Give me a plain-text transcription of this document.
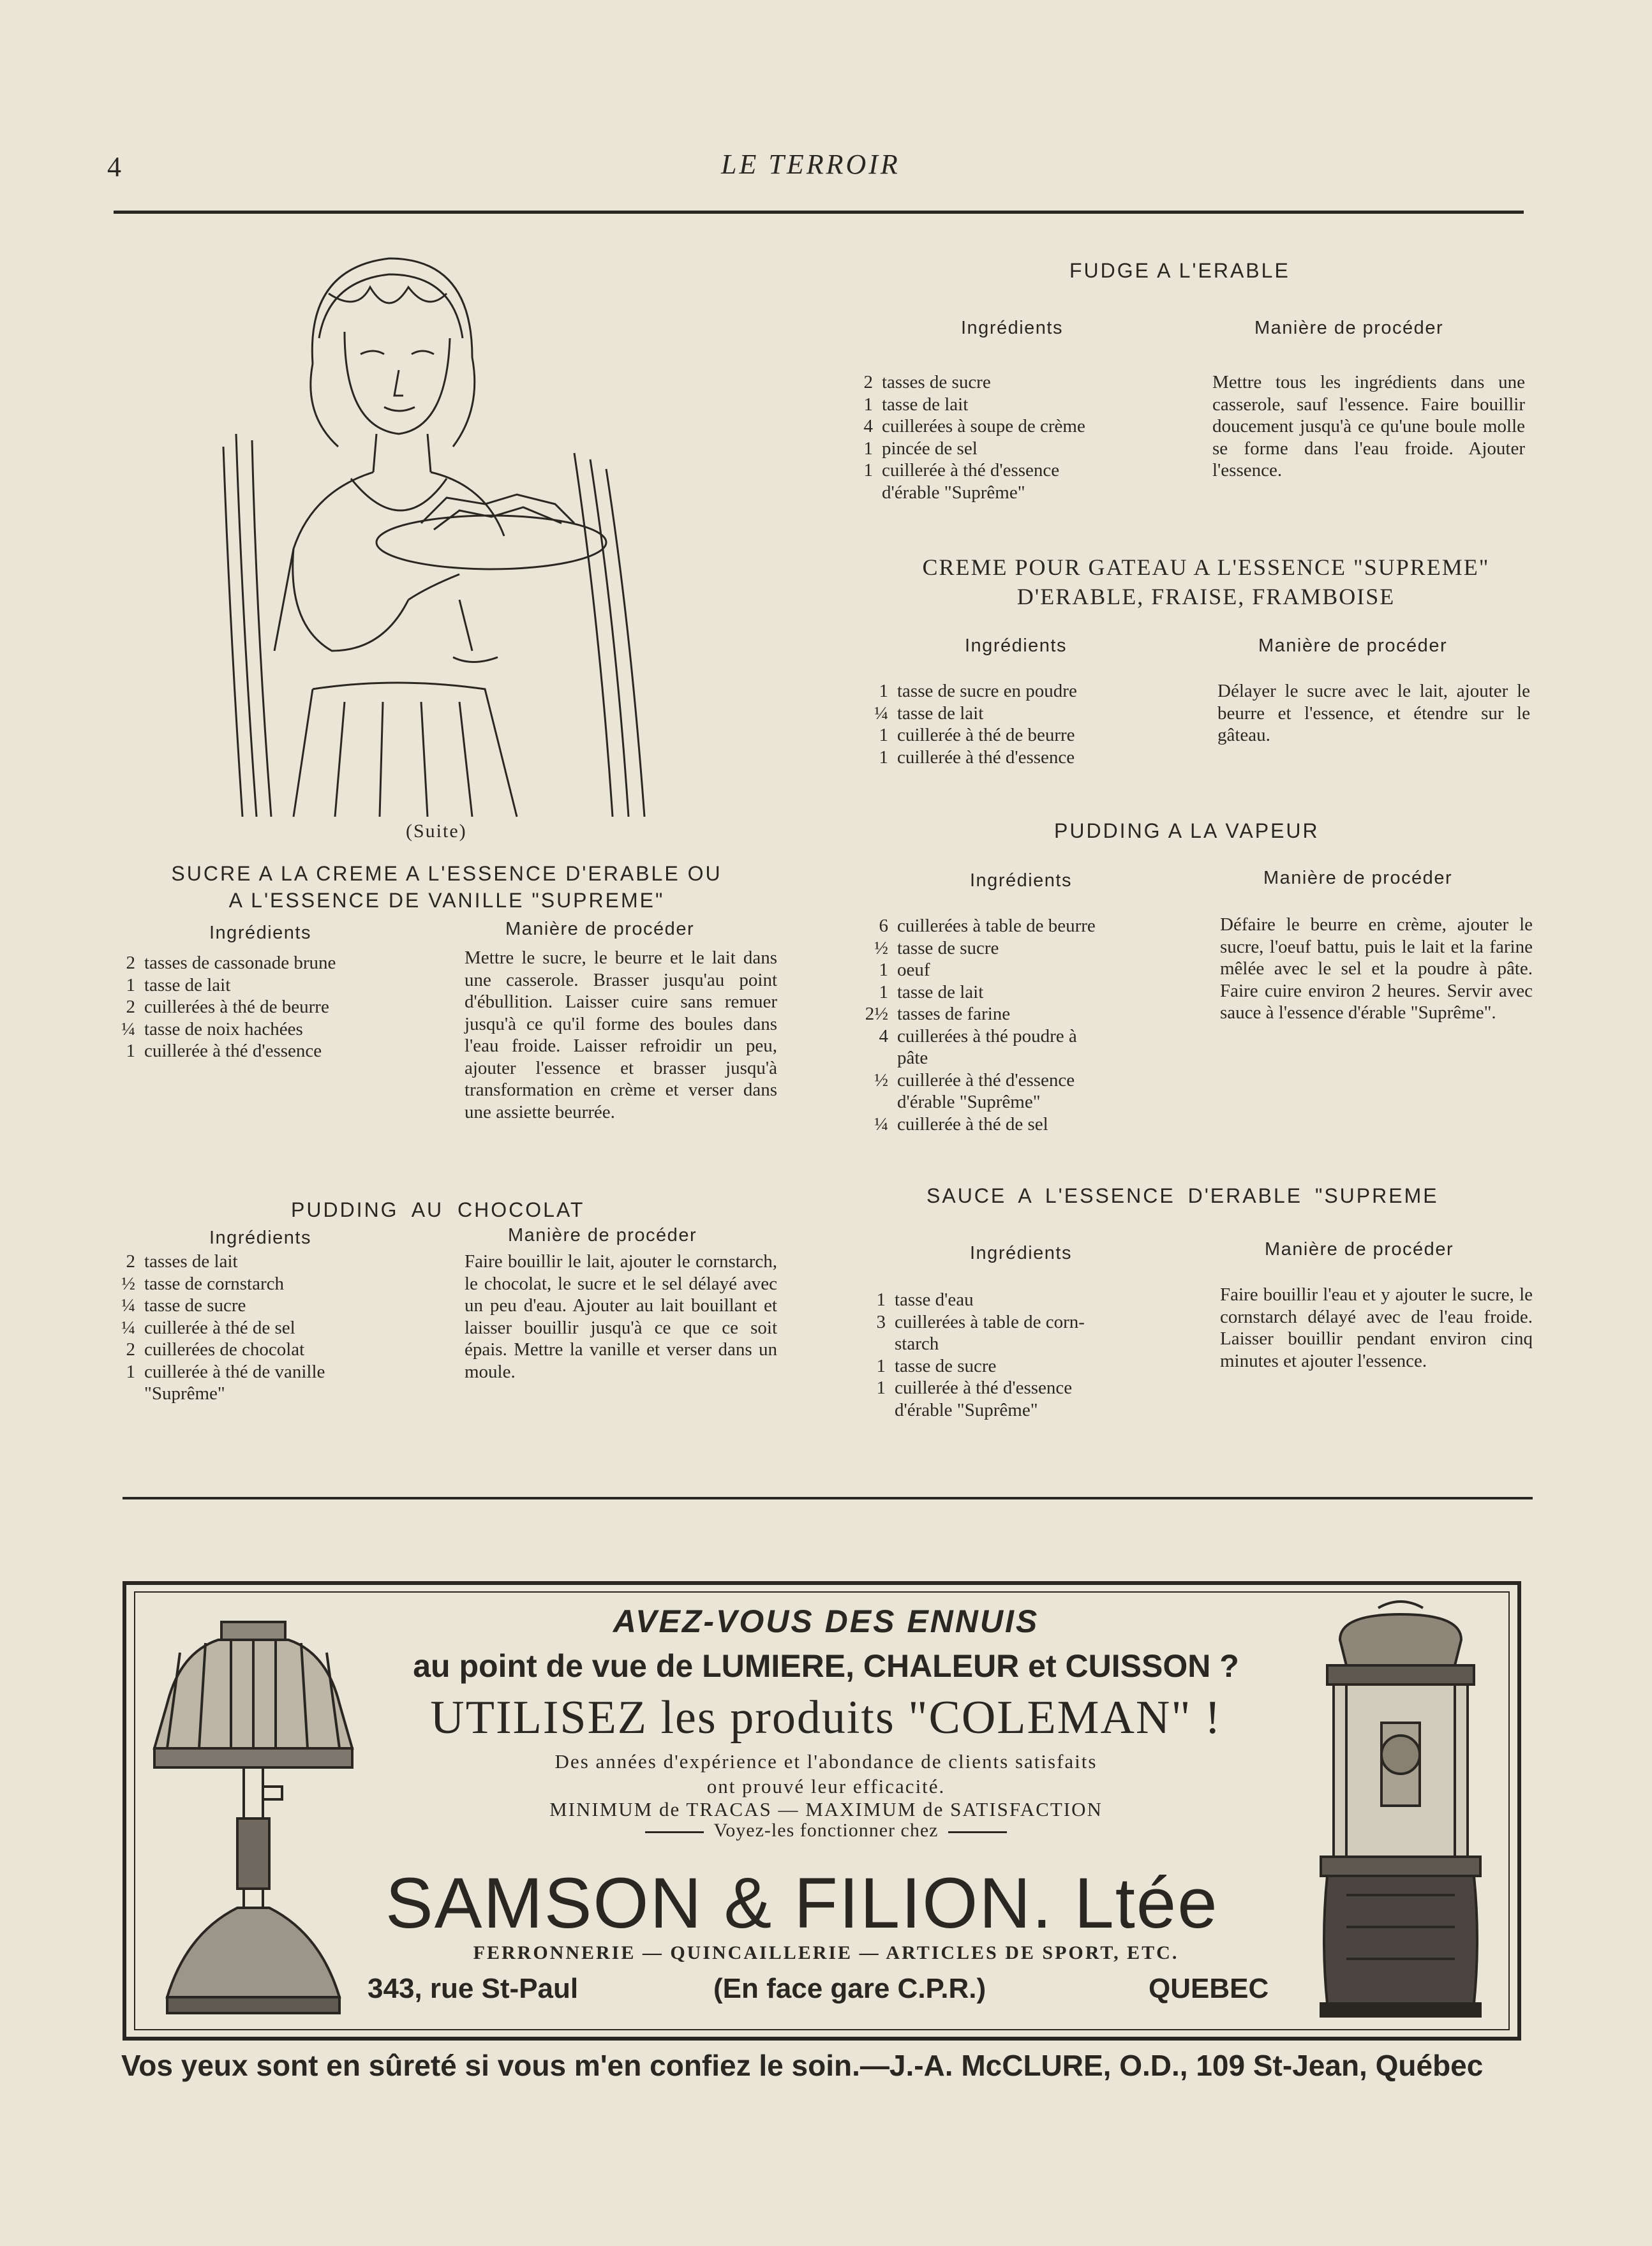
4	LE TERROIR
(Suite)
FUDGE A L'ERABLE
Ingrédients	Manière de procéder
2 tasses de sucre
1 tasse de lait
4 cuillerées à soupe de crème
1 pincée de sel
1 cuillerée à thé d'essence
d'érable "Suprême"
Mettre tous les ingrédients dans une casserole, sauf l'essence. Faire bouillir doucement jusqu'à ce qu'une boule molle se forme dans l'eau froide. Ajouter l'essence.
CREME POUR GATEAU A L'ESSENCE "SUPREME"
D'ERABLE, FRAISE, FRAMBOISE
Ingrédients	Manière de procéder
1 tasse de sucre en poudre
¼ tasse de lait
1 cuillerée à thé de beurre
1 cuillerée à thé d'essence
Délayer le sucre avec le lait, ajouter le beurre et l'essence, et étendre sur le gâteau.
PUDDING A LA VAPEUR
Ingrédients	Manière de procéder
6 cuillerées à table de beurre
½ tasse de sucre
1 oeuf
1 tasse de lait
2½ tasses de farine
4 cuillerées à thé poudre à
pâte
½ cuillerée à thé d'essence
d'érable "Suprême"
¼ cuillerée à thé de sel
Défaire le beurre en crème, ajouter le sucre, l'oeuf battu, puis le lait et la farine mêlée avec le sel et la poudre à pâte. Faire cuire environ 2 heures. Servir avec sauce à l'essence d'érable "Suprême".
SUCRE A LA CREME A L'ESSENCE D'ERABLE OU
A L'ESSENCE DE VANILLE "SUPREME"
Ingrédients	Manière de procéder
2 tasses de cassonade brune
1 tasse de lait
2 cuillerées à thé de beurre
¼ tasse de noix hachées
1 cuillerée à thé d'essence
Mettre le sucre, le beurre et le lait dans une casserole. Brasser jusqu'au point d'ébullition. Laisser cuire sans remuer jusqu'à ce qu'il forme des boules dans l'eau froide. Laisser refroidir un peu, ajouter l'essence et brasser jusqu'à transformation en crème et verser dans une assiette beurrée.
PUDDING AU CHOCOLAT
Ingrédients	Manière de procéder
2 tasses de lait
½ tasse de cornstarch
¼ tasse de sucre
¼ cuillerée à thé de sel
2 cuillerées de chocolat
1 cuillerée à thé de vanille
"Suprême"
Faire bouillir le lait, ajouter le cornstarch, le chocolat, le sucre et le sel délayé avec un peu d'eau. Ajouter au lait bouillant et laisser bouillir jusqu'à ce que ce soit épais. Mettre la vanille et verser dans un moule.
SAUCE A L'ESSENCE D'ERABLE "SUPREME
Ingrédients	Manière de procéder
1 tasse d'eau
3 cuillerées à table de corn-
starch
1 tasse de sucre
1 cuillerée à thé d'essence
d'érable "Suprême"
Faire bouillir l'eau et y ajouter le sucre, le cornstarch délayé avec de l'eau froide. Laisser bouillir pendant environ cinq minutes et ajouter l'essence.
AVEZ-VOUS DES ENNUIS
au point de vue de LUMIERE, CHALEUR et CUISSON ?
UTILISEZ les produits "COLEMAN" !
Des années d'expérience et l'abondance de clients satisfaits
ont prouvé leur efficacité.
MINIMUM de TRACAS — MAXIMUM de SATISFACTION
Voyez-les fonctionner chez
SAMSON & FILION. Ltée
FERRONNERIE — QUINCAILLERIE — ARTICLES DE SPORT, ETC.
343, rue St-Paul	(En face gare C.P.R.)	QUEBEC
Vos yeux sont en sûreté si vous m'en confiez le soin.—J.-A. McCLURE, O.D., 109 St-Jean, Québec
